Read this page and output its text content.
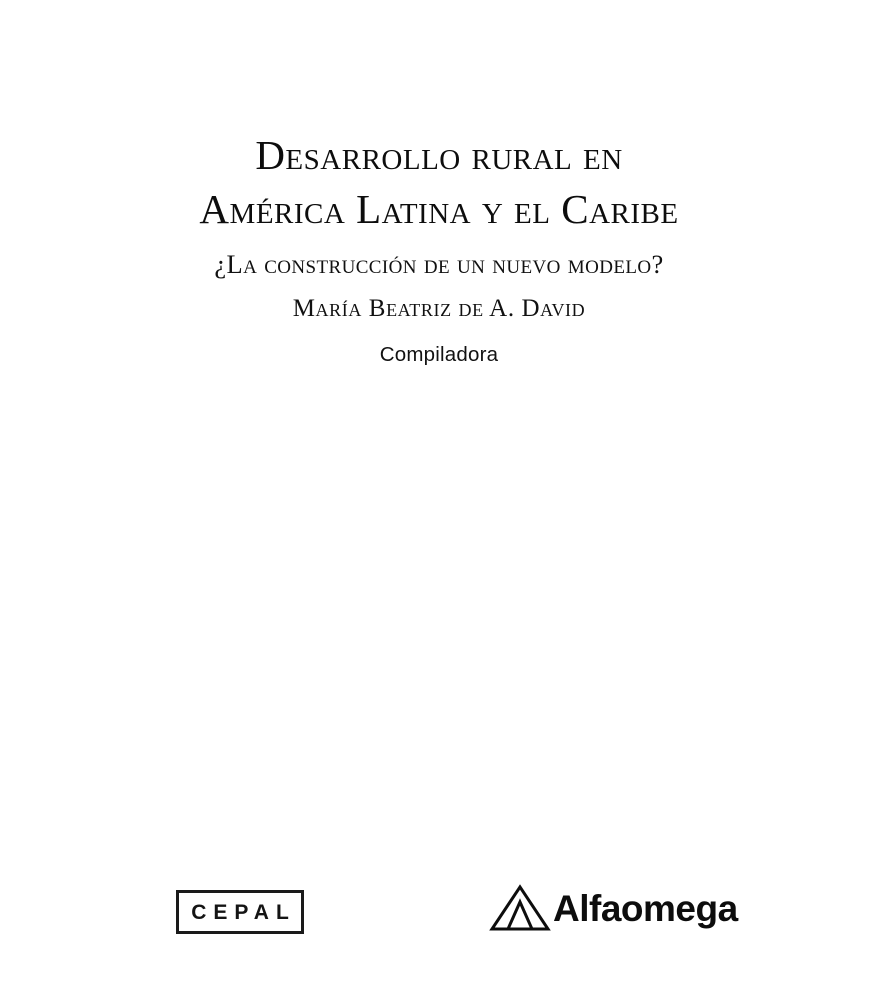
Desarrollo rural en
América Latina y el Caribe
¿La construcción de un nuevo modelo?
María Beatriz de A. David
Compiladora
CEPAL	Alfaomega
